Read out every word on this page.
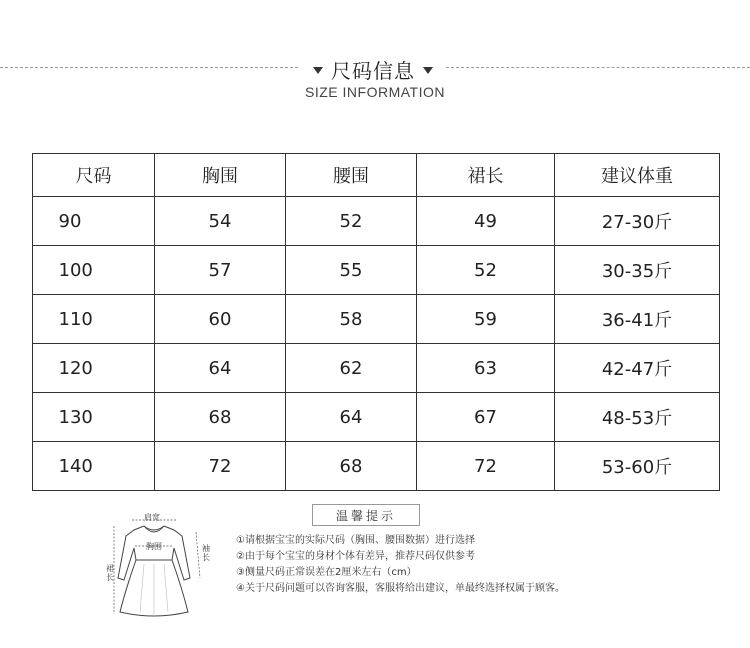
尺码信息
SIZE INFORMATION
尺码	胸围	腰围	裙长	建议体重
90	54	52	49	27-30斤
100	57	55	52	30-35斤
110	60	58	59	36-41斤
120	64	62	63	42-47斤
130	68	64	67	48-53斤
140	72	68	72	53-60斤
肩宽
胸围
裙长
袖长
温馨提示
①请根据宝宝的实际尺码（胸围、腰围数据）进行选择
②由于每个宝宝的身材个体有差异，推荐尺码仅供参考
③侧量尺码正常误差在2厘米左右（cm）
④关于尺码问题可以咨询客服，客服将给出建议，单最终选择权属于顾客。
